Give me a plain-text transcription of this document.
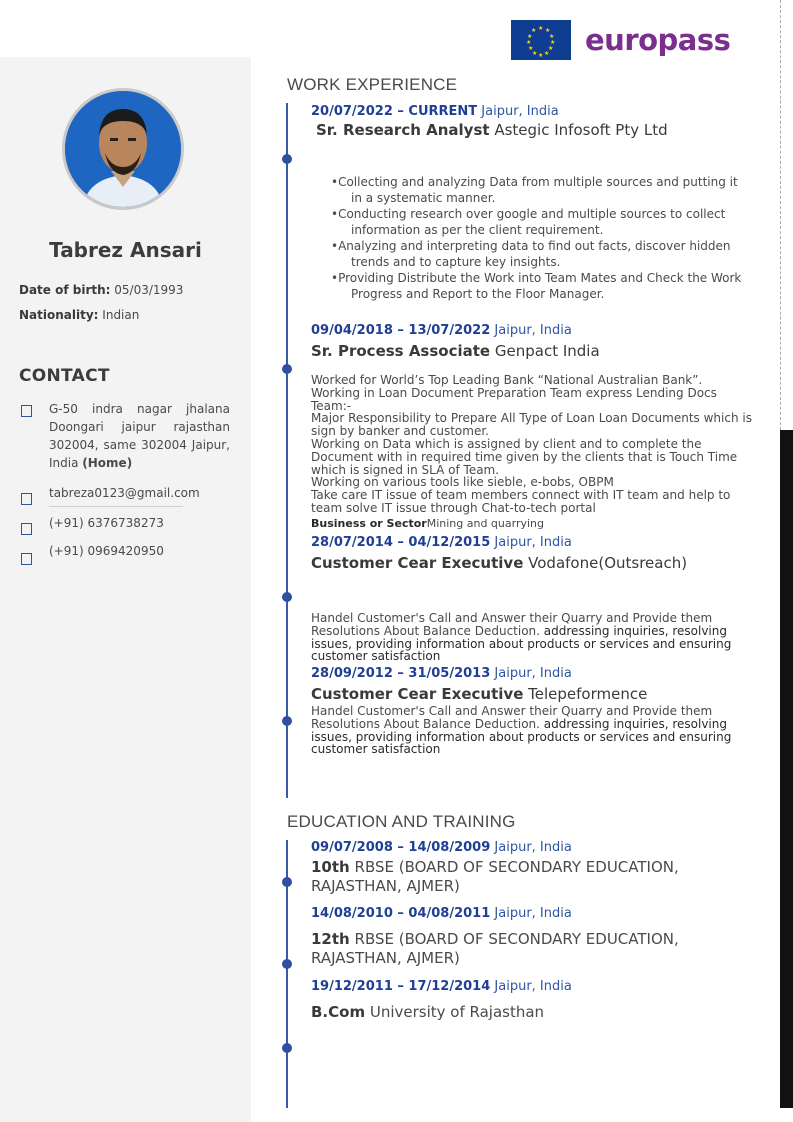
★ ★
★
★
★
★
★
★
★
★
★
★ europass
Tabrez Ansari
Date of birth: 05/03/1993
Nationality: Indian
CONTACT
G-50 indra nagar jhalana Doongari jaipur rajasthan 302004, same 302004 Jaipur, India (Home)
tabreza0123@gmail.com
(+91) 6376738273
(+91) 0969420950
WORK EXPERIENCE
20/07/2022 – CURRENT Jaipur, India
Sr. Research Analyst Astegic Infosoft Pty Ltd
•Collecting and analyzing Data from multiple sources and putting it in a systematic manner.
•Conducting research over google and multiple sources to collect information as per the client requirement.
•Analyzing and interpreting data to find out facts, discover hidden trends and to capture key insights.
•Providing Distribute the Work into Team Mates and Check the Work Progress and Report to the Floor Manager.
09/04/2018 – 13/07/2022 Jaipur, India
Sr. Process Associate Genpact India
Worked for World’s Top Leading Bank “National Australian Bank”.
Working in Loan Document Preparation Team express Lending Docs Team:-
Major Responsibility to Prepare All Type of Loan Loan Documents which is sign by banker and customer.
Working on Data which is assigned by client and to complete the Document with in required time given by the clients that is Touch Time which is signed in SLA of Team.
Working on various tools like sieble, e-bobs, OBPM
Take care IT issue of team members connect with IT team and help to team solve IT issue through Chat-to-tech portal
Business or SectorMining and quarrying
28/07/2014 – 04/12/2015 Jaipur, India
Customer Cear Executive Vodafone(Outsreach)
Handel Customer's Call and Answer their Quarry and Provide them Resolutions About Balance Deduction. addressing inquiries, resolving issues, providing information about products or services and ensuring customer satisfaction
28/09/2012 – 31/05/2013 Jaipur, India
Customer Cear Executive Telepeformence
Handel Customer's Call and Answer their Quarry and Provide them Resolutions About Balance Deduction. addressing inquiries, resolving issues, providing information about products or services and ensuring customer satisfaction
EDUCATION AND TRAINING
09/07/2008 – 14/08/2009 Jaipur, India
10th RBSE (BOARD OF SECONDARY EDUCATION, RAJASTHAN, AJMER)
14/08/2010 – 04/08/2011 Jaipur, India
12th RBSE (BOARD OF SECONDARY EDUCATION, RAJASTHAN, AJMER)
19/12/2011 – 17/12/2014 Jaipur, India
B.Com University of Rajasthan
